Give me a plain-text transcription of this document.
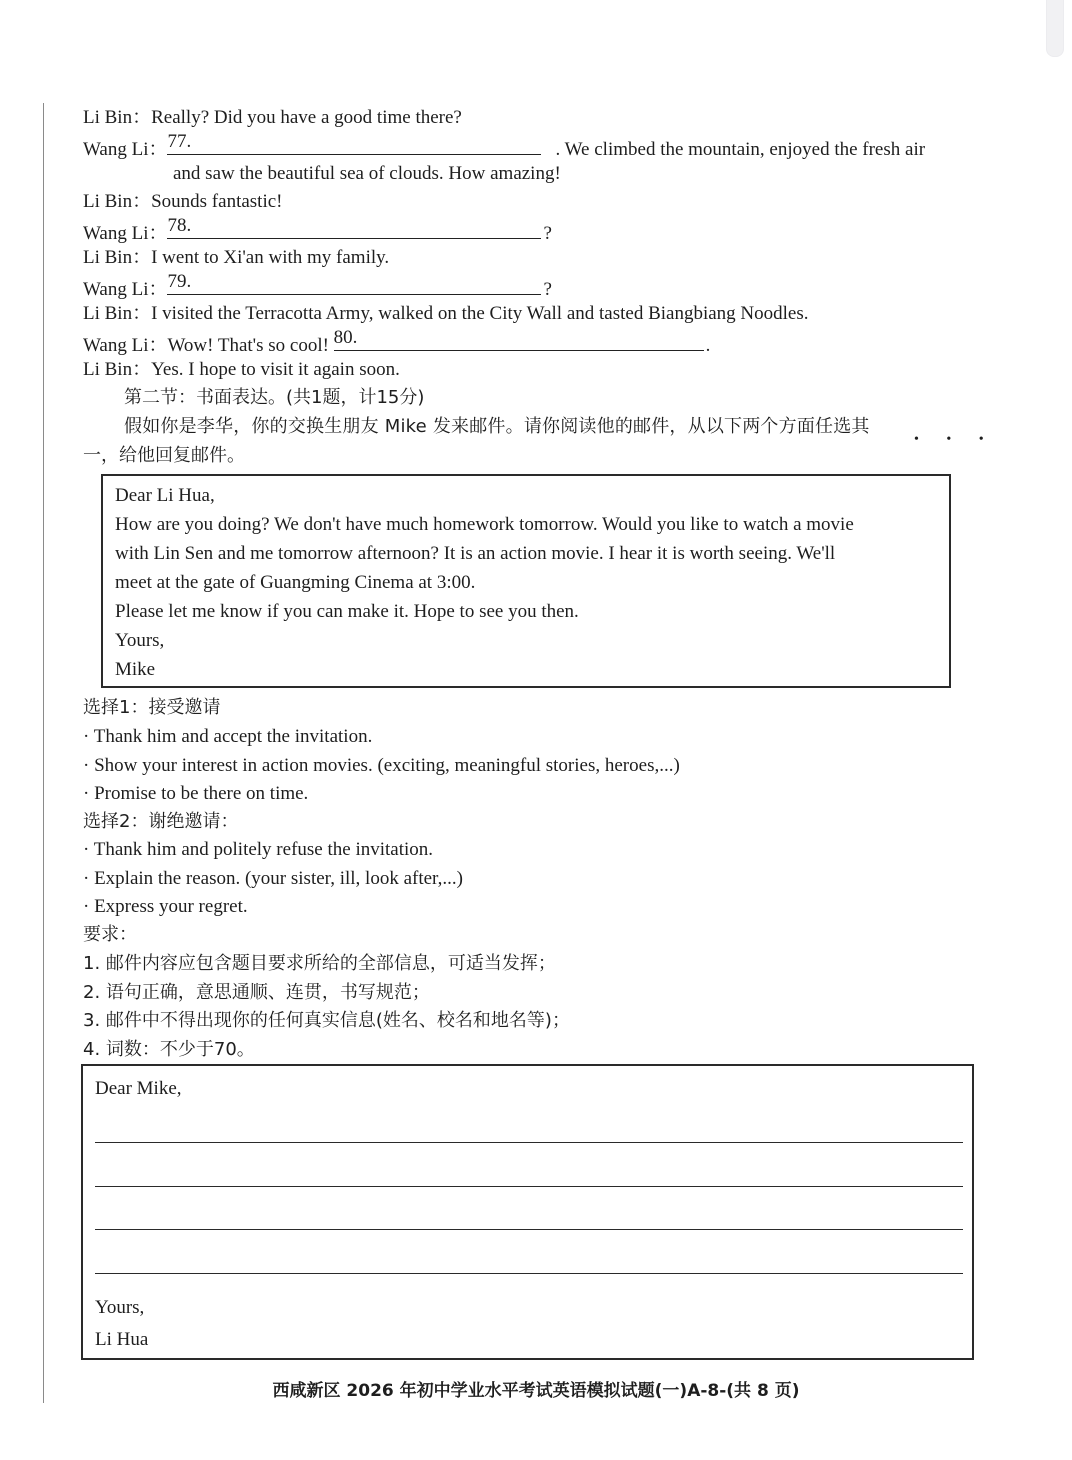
Li Bin：Really? Did you have a good time there?
Wang Li： 77.	. We climbed the mountain, enjoyed the fresh air
and saw the beautiful sea of clouds. How amazing!
Li Bin：Sounds fantastic!
Wang Li： 78.	?
Li Bin：I went to Xi'an with my family.
Wang Li： 79.	?
Li Bin：I visited the Terracotta Army, walked on the City Wall and tasted Biangbiang Noodles.
Wang Li：Wow! That's so cool! 80.	.
Li Bin：Yes. I hope to visit it again soon.
第二节：书面表达。(共1题，计15分)
假如你是李华，你的交换生朋友 Mike 发来邮件。请你阅读他的邮件，从以下两个方面任选其
• • •
一，给他回复邮件。
Dear Li Hua,
How are you doing? We don't have much homework tomorrow. Would you like to watch a movie
with Lin Sen and me tomorrow afternoon? It is an action movie. I hear it is worth seeing. We'll
meet at the gate of Guangming Cinema at 3:00.
Please let me know if you can make it. Hope to see you then.
Yours,
Mike
选择1：接受邀请
· Thank him and accept the invitation.
· Show your interest in action movies. (exciting, meaningful stories, heroes,...)
· Promise to be there on time.
选择2：谢绝邀请：
· Thank him and politely refuse the invitation.
· Explain the reason. (your sister, ill, look after,...)
· Express your regret.
要求：
1. 邮件内容应包含题目要求所给的全部信息，可适当发挥；
2. 语句正确，意思通顺、连贯，书写规范；
3. 邮件中不得出现你的任何真实信息(姓名、校名和地名等)；
4. 词数：不少于70。
Dear Mike,
Yours,
Li Hua
西咸新区 2026 年初中学业水平考试英语模拟试题(一)A-8-(共 8 页)
